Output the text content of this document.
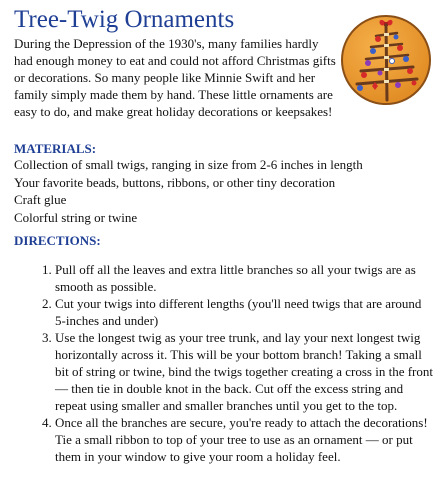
Tree-Twig Ornaments

During the Depression of the 1930's, many families hardly had enough money to eat and could not afford Christmas gifts or decorations. So many people like Minnie Swift and her family simply made them by hand. These little ornaments are easy to do, and make great holiday decorations or keepsakes!

MATERIALS:
Collection of small twigs, ranging in size from 2-6 inches in length
Your favorite beads, buttons, ribbons, or other tiny decoration
Craft glue
Colorful string or twine
DIRECTIONS:
1. Pull off all the leaves and extra little branches so all your twigs are as smooth as possible.
2. Cut your twigs into different lengths (you'll need twigs that are around 5-inches and under)
3. Use the longest twig as your tree trunk, and lay your next longest twig horizontally across it. This will be your bottom branch! Taking a small bit of string or twine, bind the twigs together creating a cross in the front — then tie in double knot in the back. Cut off the excess string and repeat using smaller and smaller branches until you get to the top.
4. Once all the branches are secure, you're ready to attach the decorations! Tie a small ribbon to top of your tree to use as an ornament — or put them in your window to give your room a holiday feel.
